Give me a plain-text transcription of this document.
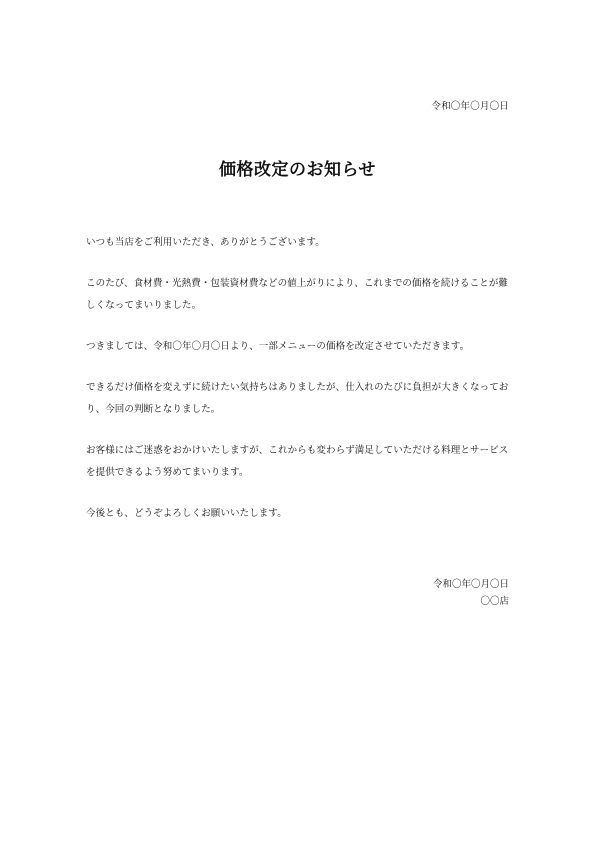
令和〇年〇月〇日
価格改定のお知らせ

いつも当店をご利用いただき、ありがとうございます。

このたび、食材費・光熱費・包装資材費などの値上がりにより、これまでの価格を続けることが難しくなってまいりました。

つきましては、令和〇年〇月〇日より、一部メニューの価格を改定させていただきます。

できるだけ価格を変えずに続けたい気持ちはありましたが、仕入れのたびに負担が大きくなっており、今回の判断となりました。

お客様にはご迷惑をおかけいたしますが、これからも変わらず満足していただける料理とサービスを提供できるよう努めてまいります。

今後とも、どうぞよろしくお願いいたします。

令和〇年〇月〇日
〇〇店
